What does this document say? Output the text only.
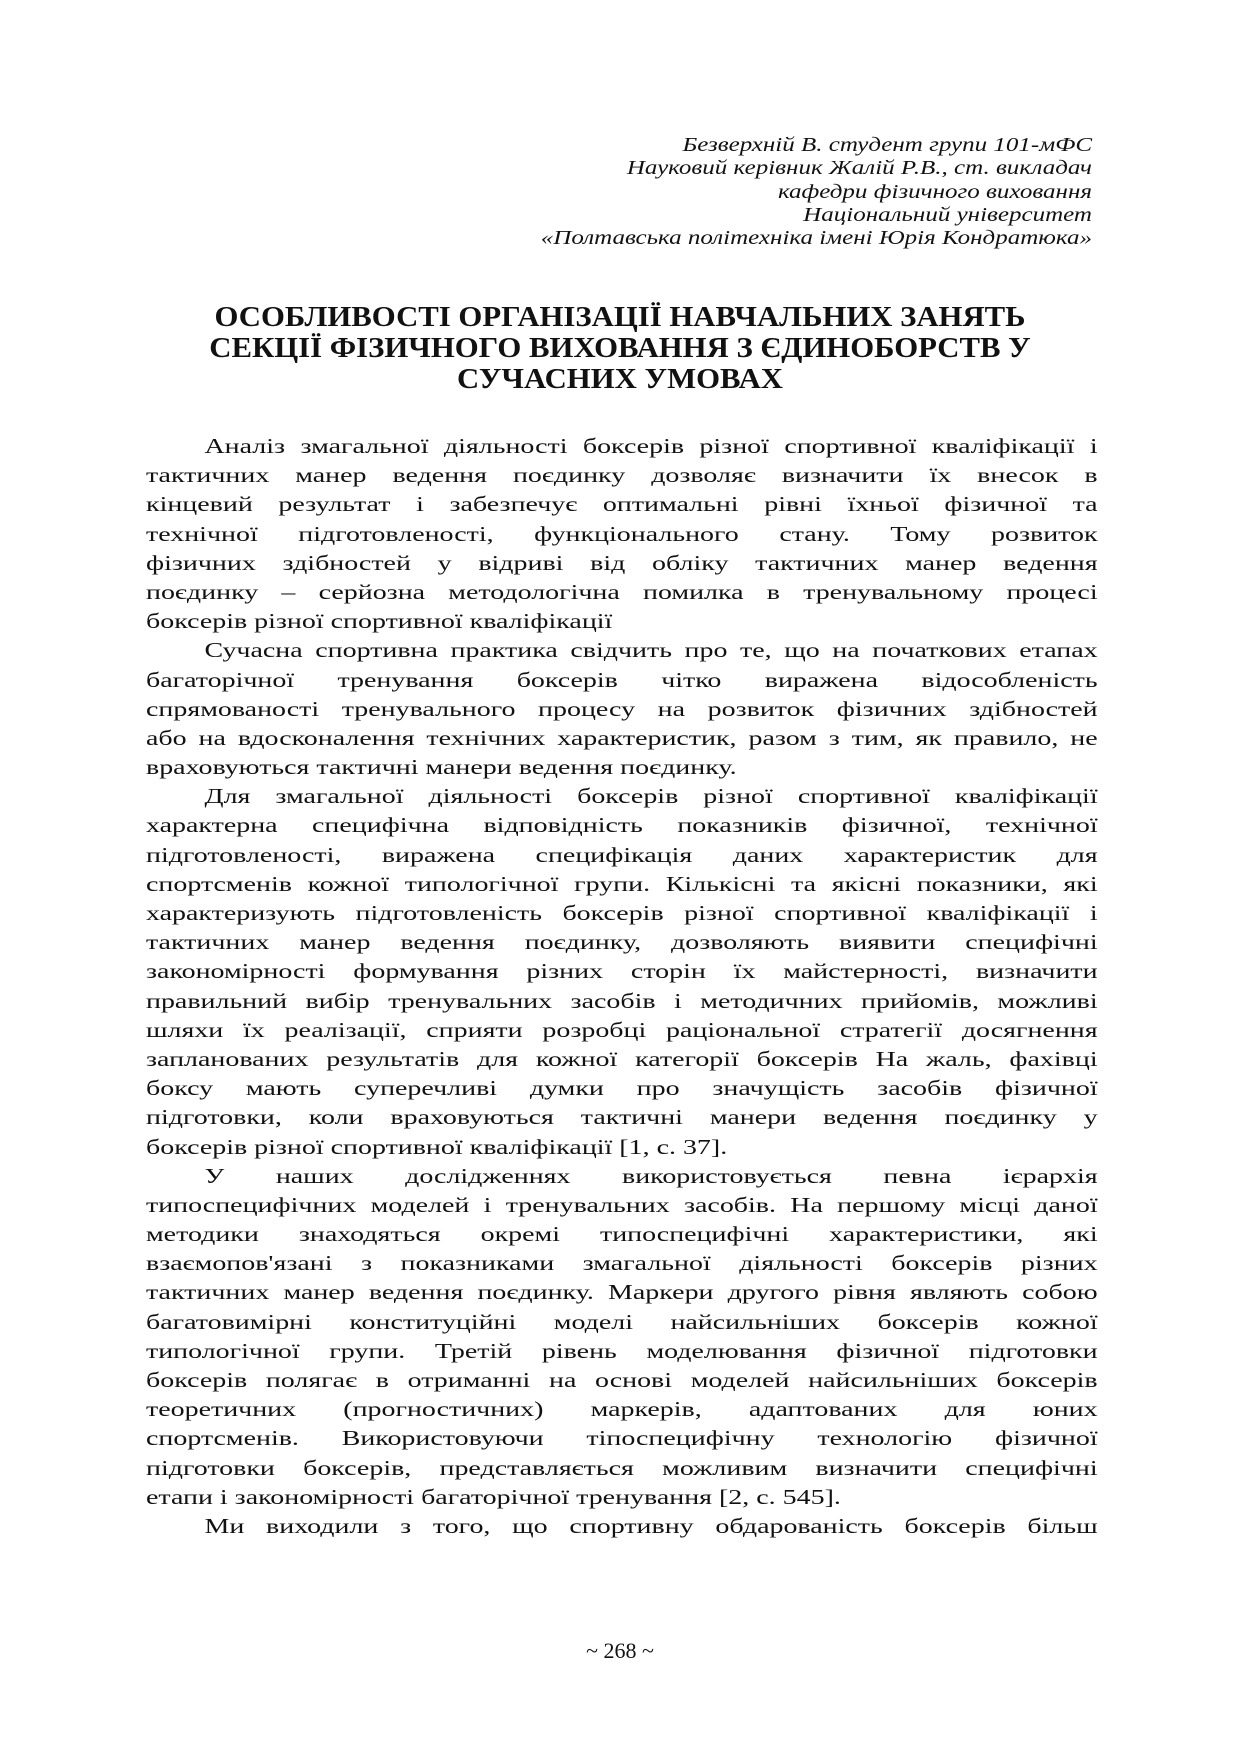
Безверхній В. студент групи 101-мФС
Науковий керівник Жалій Р.В., ст. викладач
кафедри фізичного виховання
Національний університет
«Полтавська політехніка імені Юрія Кондратюка»
ОСОБЛИВОСТІ ОРГАНІЗАЦІЇ НАВЧАЛЬНИХ ЗАНЯТЬ
СЕКЦІЇ ФІЗИЧНОГО ВИХОВАННЯ З ЄДИНОБОРСТВ У
СУЧАСНИХ УМОВАХ
Аналіз змагальної діяльності боксерів різної спортивної кваліфікації і
тактичних манер ведення поєдинку дозволяє визначити їх внесок в
кінцевий результат і забезпечує оптимальні рівні їхньої фізичної та
технічної підготовленості, функціонального стану. Тому розвиток
фізичних здібностей у відриві від обліку тактичних манер ведення
поєдинку – серйозна методологічна помилка в тренувальному процесі
боксерів різної спортивної кваліфікації
Сучасна спортивна практика свідчить про те, що на початкових етапах
багаторічної тренування боксерів чітко виражена відособленість
спрямованості тренувального процесу на розвиток фізичних здібностей
або на вдосконалення технічних характеристик, разом з тим, як правило, не
враховуються тактичні манери ведення поєдинку.
Для змагальної діяльності боксерів різної спортивної кваліфікації
характерна специфічна відповідність показників фізичної, технічної
підготовленості, виражена специфікація даних характеристик для
спортсменів кожної типологічної групи. Кількісні та якісні показники, які
характеризують підготовленість боксерів різної спортивної кваліфікації і
тактичних манер ведення поєдинку, дозволяють виявити специфічні
закономірності формування різних сторін їх майстерності, визначити
правильний вибір тренувальних засобів і методичних прийомів, можливі
шляхи їх реалізації, сприяти розробці раціональної стратегії досягнення
запланованих результатів для кожної категорії боксерів На жаль, фахівці
боксу мають суперечливі думки про значущість засобів фізичної
підготовки, коли враховуються тактичні манери ведення поєдинку у
боксерів різної спортивної кваліфікації [1, с. 37].
У наших дослідженнях використовується певна ієрархія
типоспецифічних моделей і тренувальних засобів. На першому місці даної
методики знаходяться окремі типоспецифічні характеристики, які
взаємопов'язані з показниками змагальної діяльності боксерів різних
тактичних манер ведення поєдинку. Маркери другого рівня являють собою
багатовимірні конституційні моделі найсильніших боксерів кожної
типологічної групи. Третій рівень моделювання фізичної підготовки
боксерів полягає в отриманні на основі моделей найсильніших боксерів
теоретичних (прогностичних) маркерів, адаптованих для юних
спортсменів. Використовуючи тіпоспецифічну технологію фізичної
підготовки боксерів, представляється можливим визначити специфічні
етапи і закономірності багаторічної тренування [2, с. 545].
Ми виходили з того, що спортивну обдарованість боксерів більш
~ 268 ~
